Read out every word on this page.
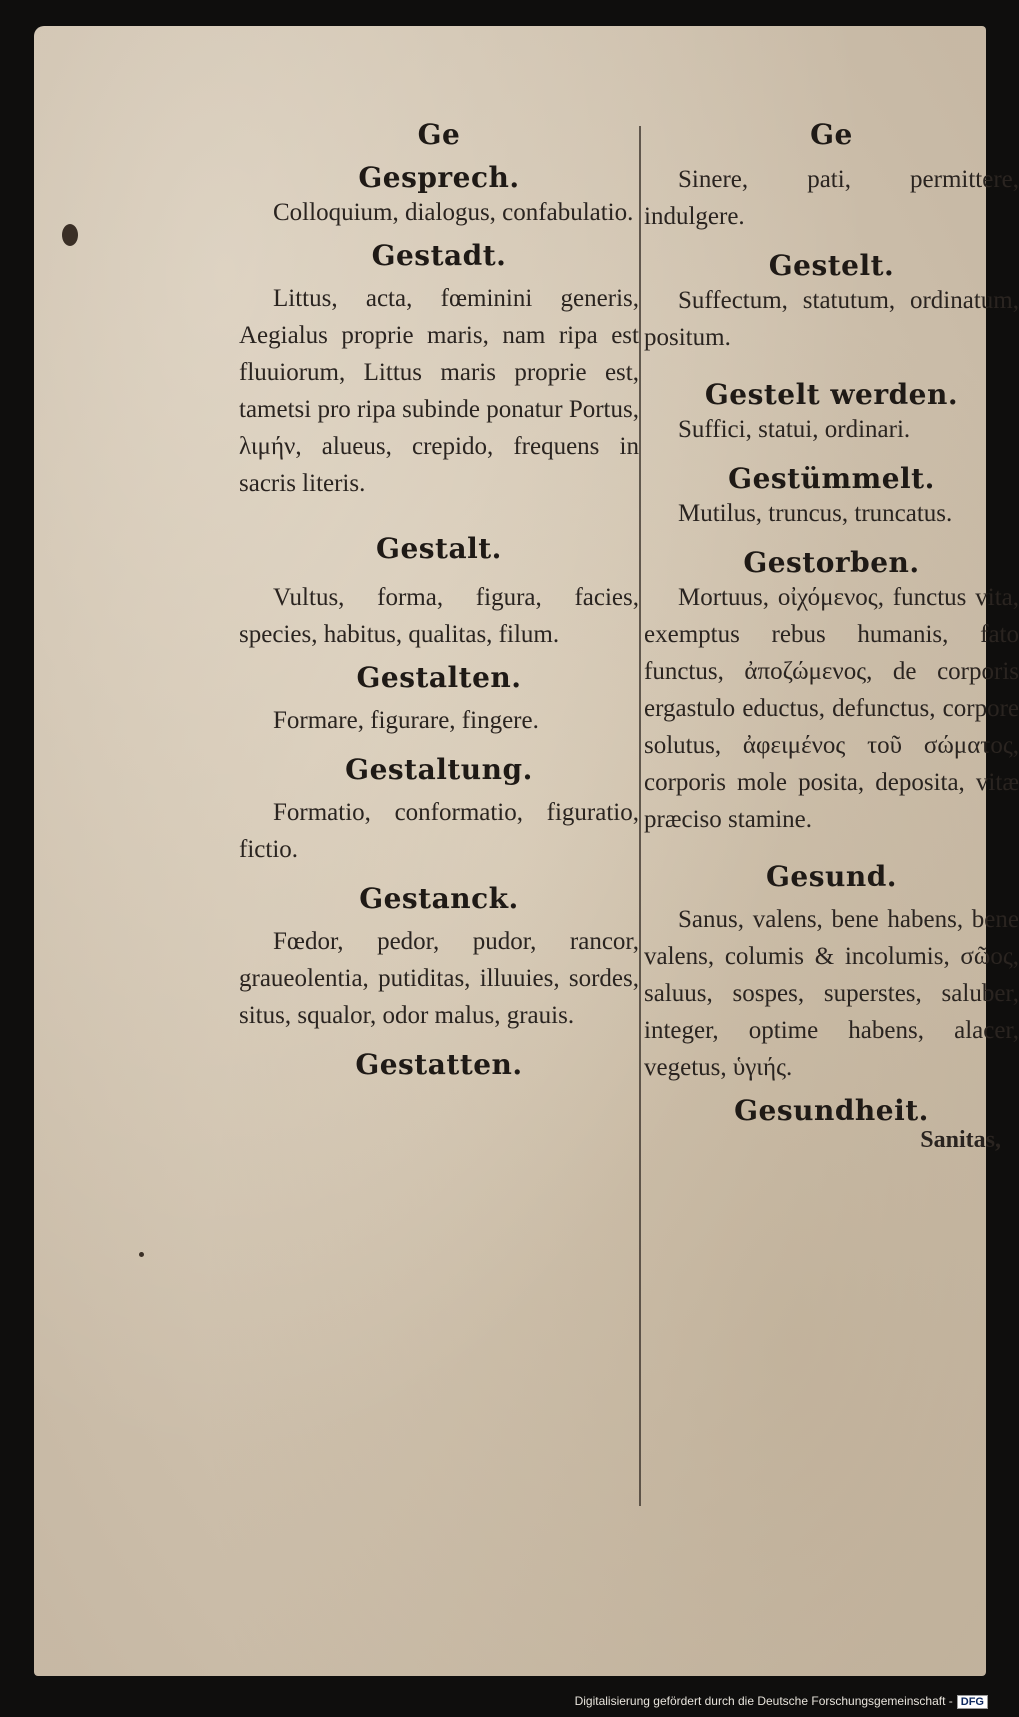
Ge
Gesprech.

Colloquium, dialogus, confabulatio.

Gestadt.

Littus, acta, fœminini generis, Aegialus proprie maris, nam ripa est fluuiorum, Littus maris proprie est, tametsi pro ripa subinde ponatur Portus, λιμήν, alueus, crepido, frequens in sacris literis.

Gestalt.

Vultus, forma, figura, facies, species, habitus, qualitas, filum.

Gestalten.

Formare, figurare, fingere.

Gestaltung.

Formatio, conformatio, figuratio, fictio.

Gestanck.

Fœdor, pedor, pudor, rancor, graueolentia, putiditas, illuuies, sordes, situs, squalor, odor malus, grauis.

Gestatten.
Ge

Sinere, pati, permittere, indulgere.

Gestelt.

Suffectum, statutum, ordinatum, positum.

Gestelt werden.

Suffici, statui, ordinari.

Gestümmelt.

Mutilus, truncus, truncatus.

Gestorben.

Mortuus, οἰχόμενος, functus vita, exemptus rebus humanis, fato functus, ἀποζώμενος, de corporis ergastulo eductus, defunctus, corpore solutus, ἀφειμένος τοῦ σώματος, corporis mole posita, deposita, vitæ præciso stamine.

Gesund.

Sanus, valens, bene habens, bene valens, columis & incolumis, σῶος, saluus, sospes, superstes, saluber, integer, optime habens, alacer, vegetus, ὑγιής.

Gesundheit.
Sanitas,
Digitalisierung gefördert durch die Deutsche Forschungsgemeinschaft - DFG
